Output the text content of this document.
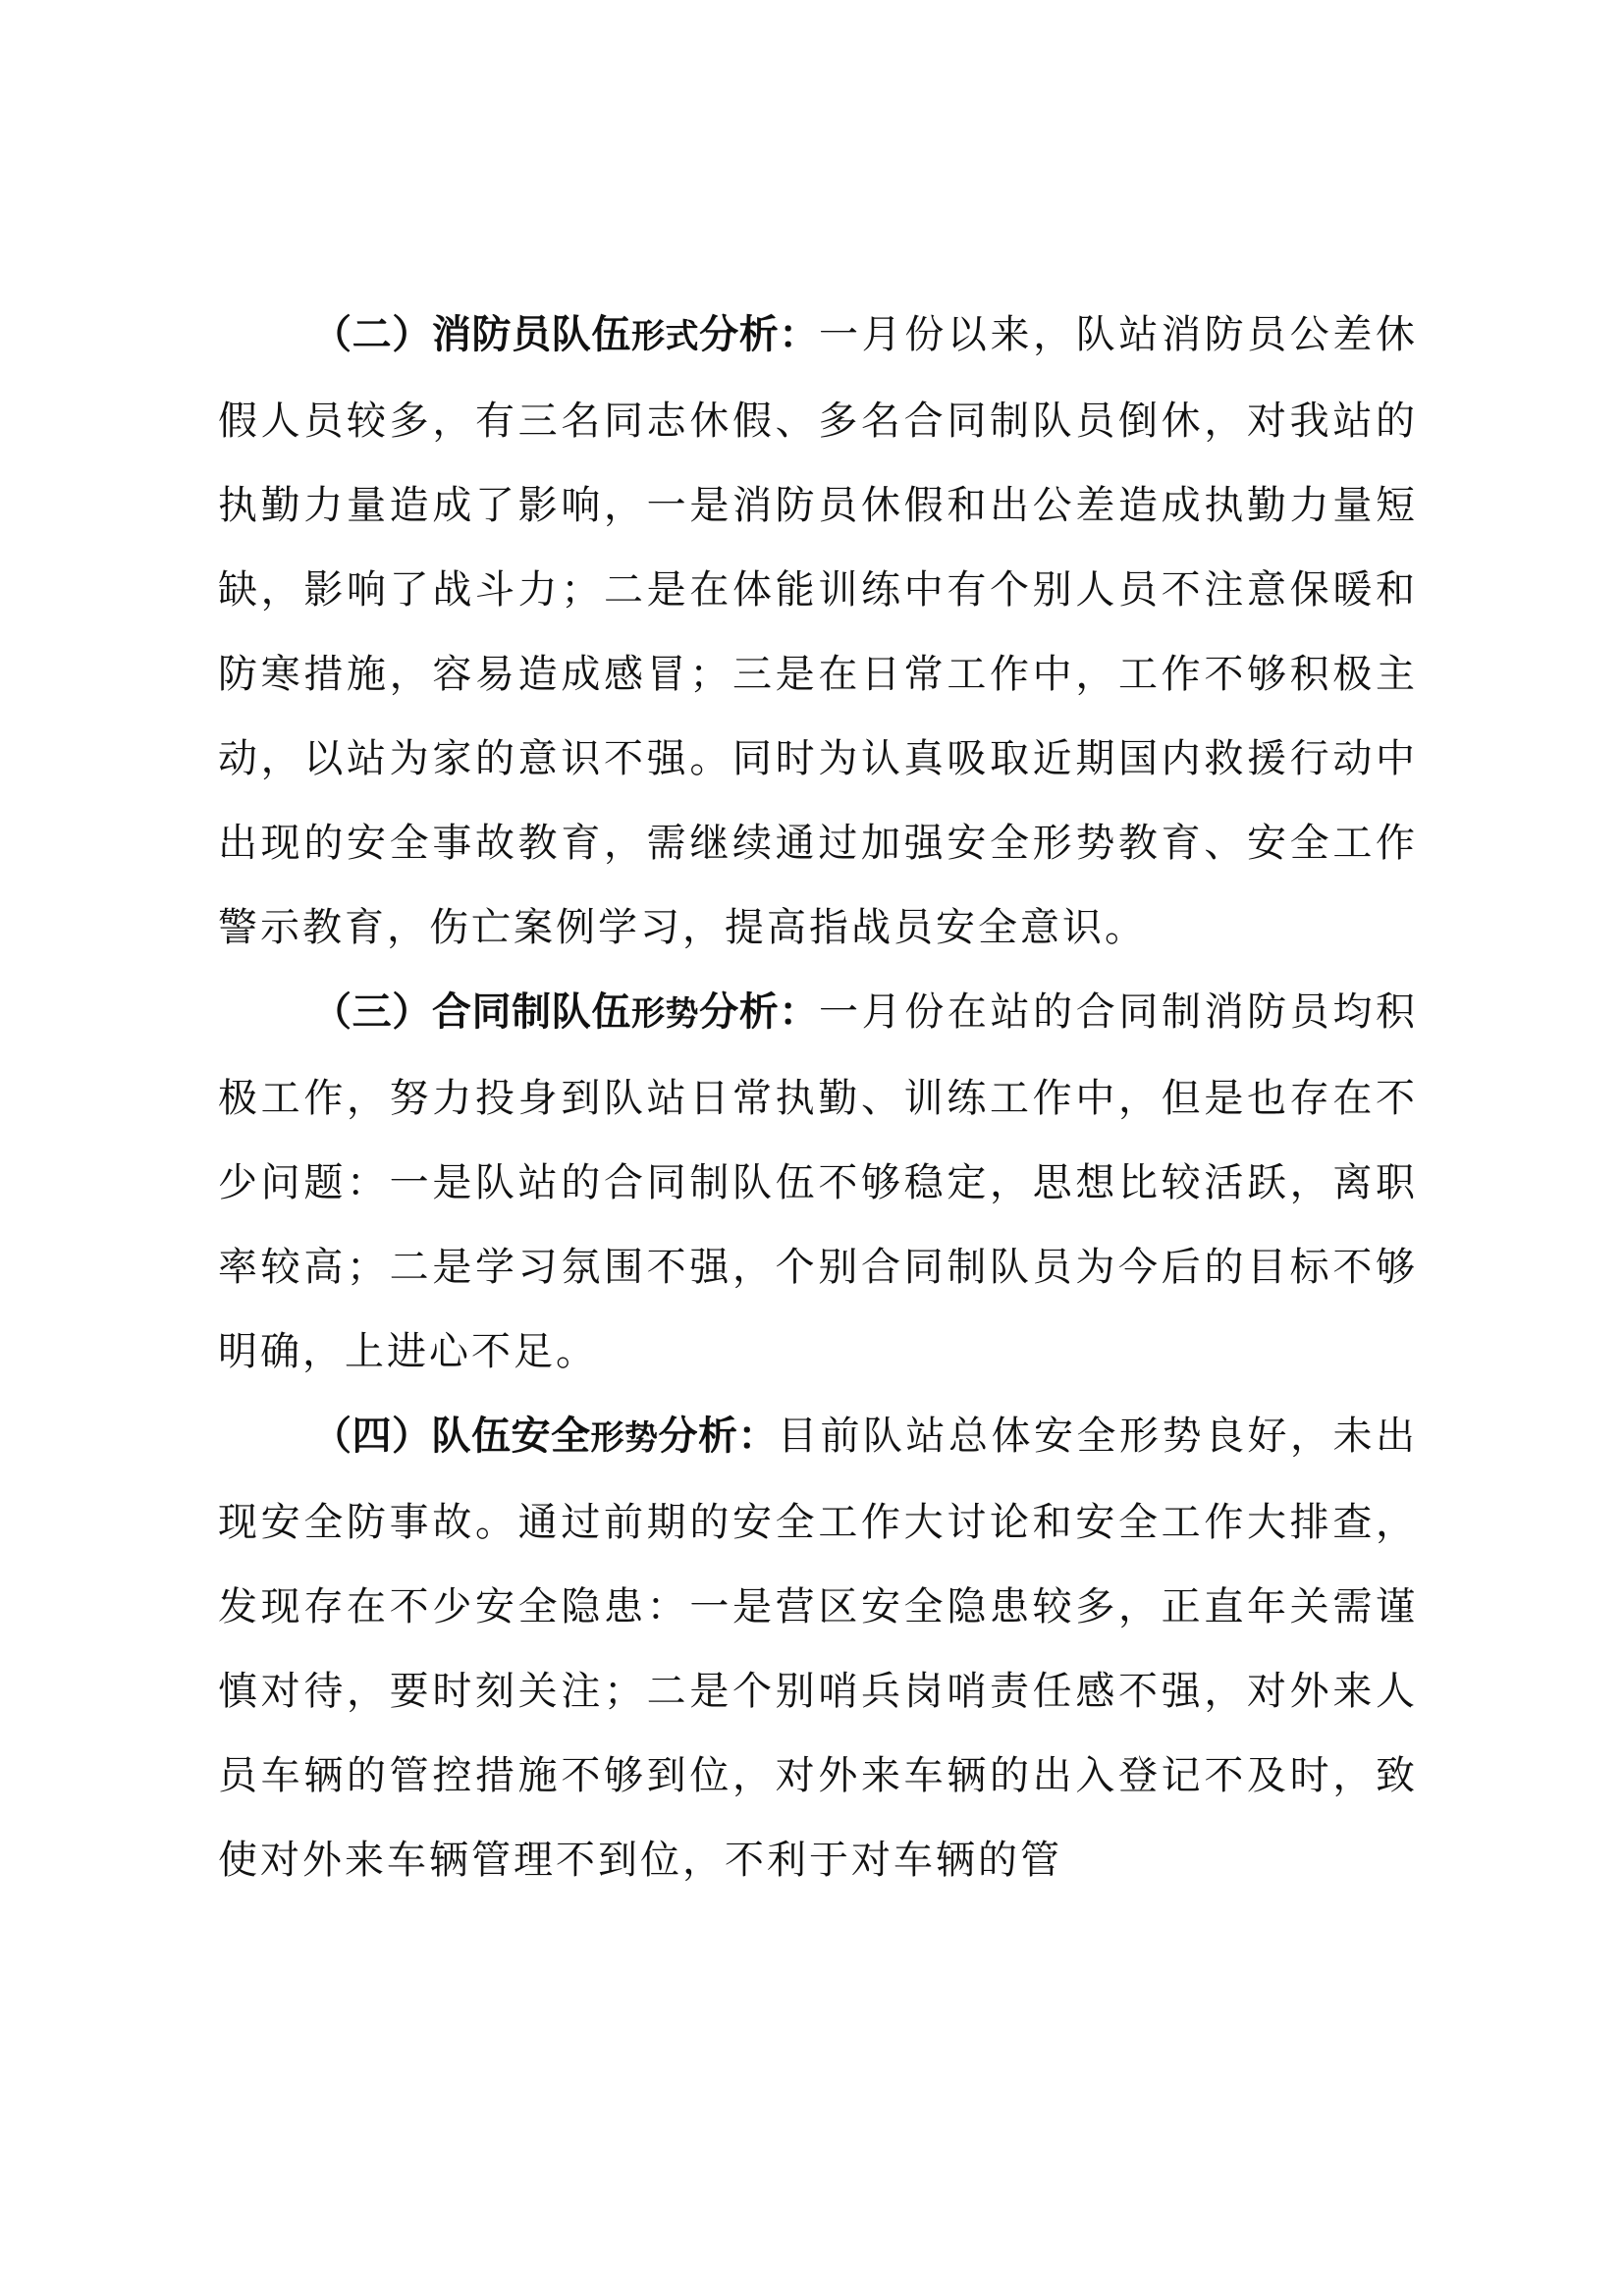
（二）消防员队伍形式分析：一月份以来，队站消防员公差休假人员较多，有三名同志休假、多名合同制队员倒休，对我站的执勤力量造成了影响，一是消防员休假和出公差造成执勤力量短缺，影响了战斗力；二是在体能训练中有个别人员不注意保暖和防寒措施，容易造成感冒；三是在日常工作中，工作不够积极主动，以站为家的意识不强。同时为认真吸取近期国内救援行动中出现的安全事故教育，需继续通过加强安全形势教育、安全工作警示教育，伤亡案例学习，提高指战员安全意识。

（三）合同制队伍形势分析：一月份在站的合同制消防员均积极工作，努力投身到队站日常执勤、训练工作中，但是也存在不少问题：一是队站的合同制队伍不够稳定，思想比较活跃，离职率较高；二是学习氛围不强，个别合同制队员为今后的目标不够明确，上进心不足。

（四）队伍安全形势分析：目前队站总体安全形势良好，未出现安全防事故。通过前期的安全工作大讨论和安全工作大排查，发现存在不少安全隐患：一是营区安全隐患较多，正直年关需谨慎对待，要时刻关注；二是个别哨兵岗哨责任感不强，对外来人员车辆的管控措施不够到位，对外来车辆的出入登记不及时，致使对外来车辆管理不到位，不利于对车辆的管
